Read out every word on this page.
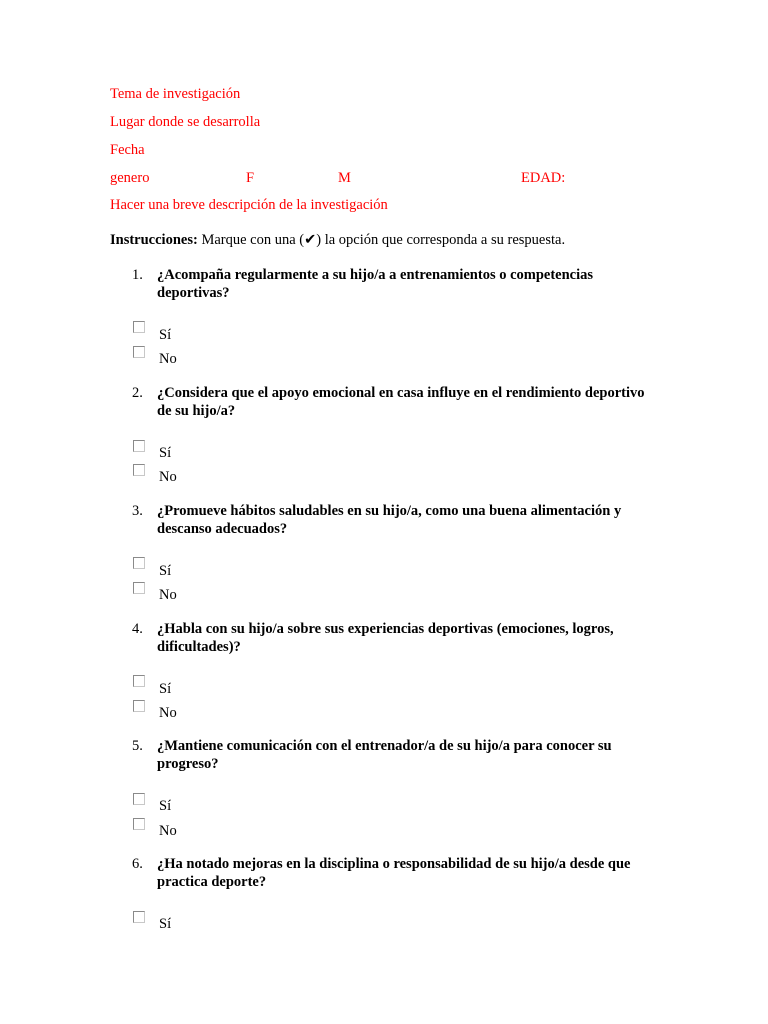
Tema de investigación
Lugar donde se desarrolla
Fecha
genero	F	M	EDAD:
Hacer una breve descripción de la investigación
Instrucciones: Marque con una (✔) la opción que corresponda a su respuesta.
1. ¿Acompaña regularmente a su hijo/a a entrenamientos o competencias deportivas?
Sí
No
2. ¿Considera que el apoyo emocional en casa influye en el rendimiento deportivo de su hijo/a?
Sí
No
3. ¿Promueve hábitos saludables en su hijo/a, como una buena alimentación y descanso adecuados?
Sí
No
4. ¿Habla con su hijo/a sobre sus experiencias deportivas (emociones, logros, dificultades)?
Sí
No
5. ¿Mantiene comunicación con el entrenador/a de su hijo/a para conocer su progreso?
Sí
No
6. ¿Ha notado mejoras en la disciplina o responsabilidad de su hijo/a desde que practica deporte?
Sí
